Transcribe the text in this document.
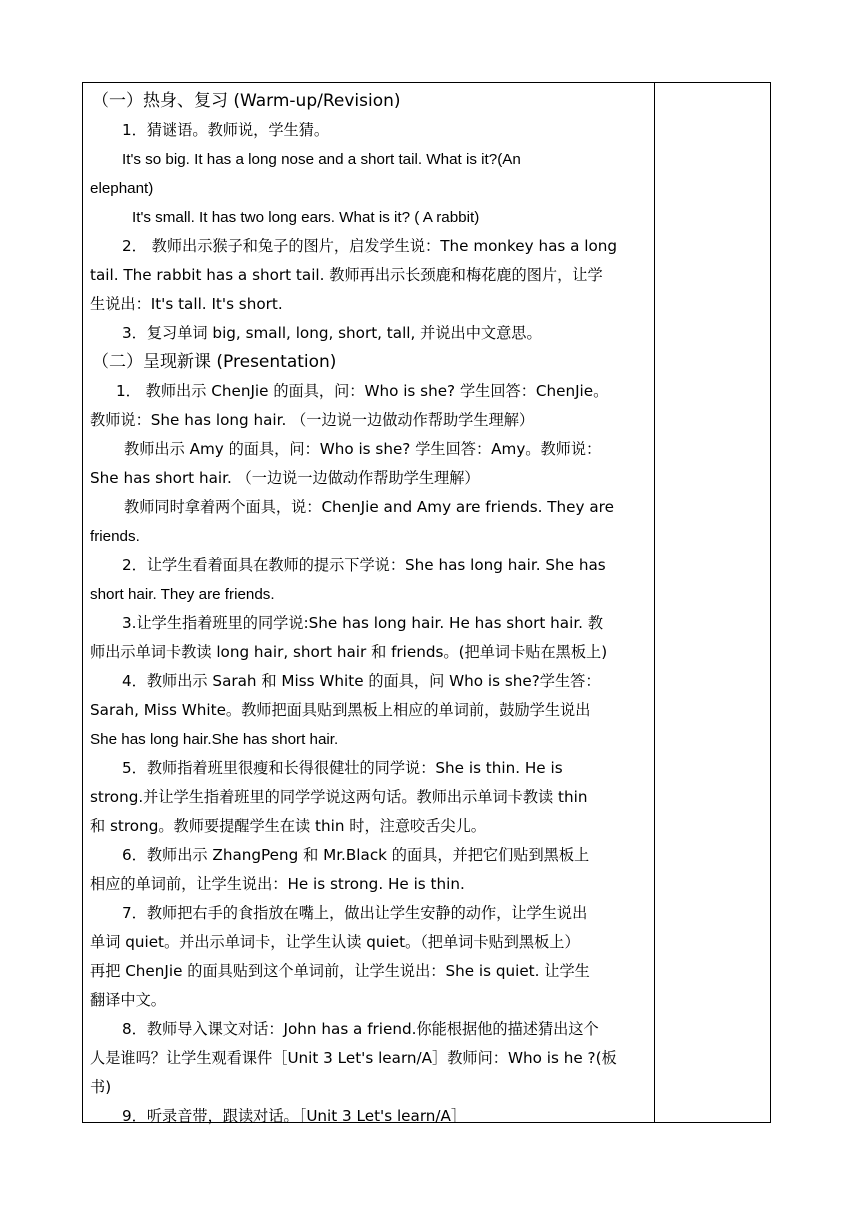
（一）热身、复习 (Warm-up/Revision)
1．猜谜语。教师说，学生猜。
It's so big. It has a long nose and a short tail. What is it?(An
elephant)
It's small. It has two long ears. What is it? ( A rabbit)
2． 教师出示猴子和兔子的图片，启发学生说：The monkey has a long
tail. The rabbit has a short tail. 教师再出示长颈鹿和梅花鹿的图片，让学
生说出：It's tall. It's short.
3．复习单词 big, small, long, short, tall, 并说出中文意思。
（二）呈现新课 (Presentation)
1． 教师出示 ChenJie 的面具，问：Who is she? 学生回答：ChenJie。
教师说：She has long hair. （一边说一边做动作帮助学生理解）
教师出示 Amy 的面具，问：Who is she? 学生回答：Amy。教师说：
She has short hair. （一边说一边做动作帮助学生理解）
教师同时拿着两个面具，说：ChenJie and Amy are friends. They are
friends.
2．让学生看着面具在教师的提示下学说：She has long hair. She has
short hair. They are friends.
3.让学生指着班里的同学说:She has long hair. He has short hair. 教
师出示单词卡教读 long hair, short hair 和 friends。(把单词卡贴在黑板上)
4．教师出示 Sarah 和 Miss White 的面具，问 Who is she?学生答：
Sarah, Miss White。教师把面具贴到黑板上相应的单词前，鼓励学生说出
She has long hair.She has short hair.
5．教师指着班里很瘦和长得很健壮的同学说：She is thin. He is
strong.并让学生指着班里的同学学说这两句话。教师出示单词卡教读 thin
和 strong。教师要提醒学生在读 thin 时，注意咬舌尖儿。
6．教师出示 ZhangPeng 和 Mr.Black 的面具，并把它们贴到黑板上
相应的单词前，让学生说出：He is strong. He is thin.
7．教师把右手的食指放在嘴上，做出让学生安静的动作，让学生说出
单词 quiet。并出示单词卡，让学生认读 quiet。（把单词卡贴到黑板上）
再把 ChenJie 的面具贴到这个单词前，让学生说出：She is quiet. 让学生
翻译中文。
8．教师导入课文对话：John has a friend.你能根据他的描述猜出这个
人是谁吗？让学生观看课件［Unit 3 Let's learn/A］教师问：Who is he ?(板
书)
9．听录音带，跟读对话。［Unit 3 Let's learn/A］
